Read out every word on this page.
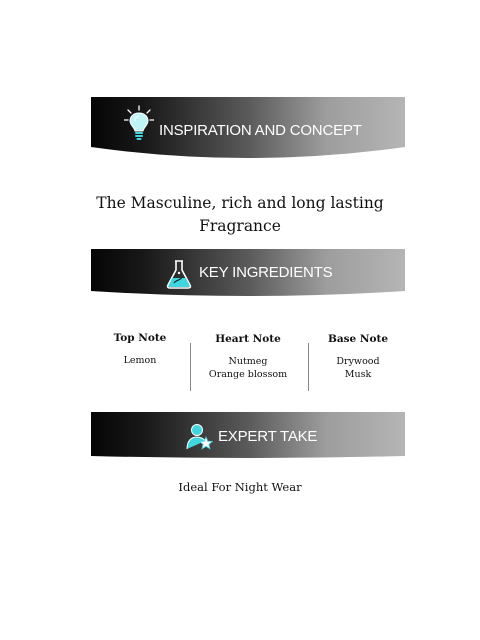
INSPIRATION AND CONCEPT
The Masculine, rich and long lasting
Fragrance
KEY INGREDIENTS
Top Note
Lemon
Heart Note
Nutmeg
Orange blossom
Base Note
Drywood
Musk
EXPERT TAKE
Ideal For Night Wear
